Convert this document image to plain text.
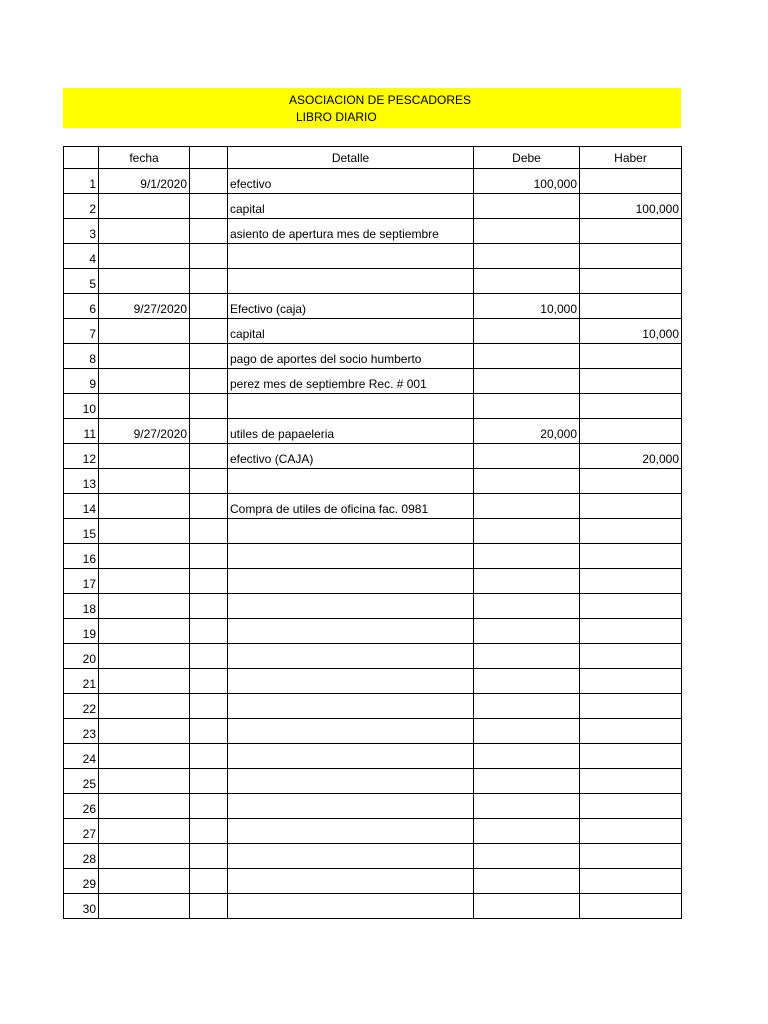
ASOCIACION DE PESCADORES
LIBRO DIARIO
	fecha		Detalle	Debe	Haber
1	9/1/2020		efectivo	100,000	
2			capital		100,000
3			asiento de apertura mes de septiembre		
4					
5					
6	9/27/2020		Efectivo (caja)	10,000	
7			capital		10,000
8			pago de aportes del socio humberto		
9			perez mes de septiembre Rec. # 001		
10					
11	9/27/2020		utiles de papaeleria	20,000	
12			efectivo (CAJA)		20,000
13					
14			Compra de utiles de oficina fac. 0981		
15					
16					
17					
18					
19					
20					
21					
22					
23					
24					
25					
26					
27					
28					
29					
30					
